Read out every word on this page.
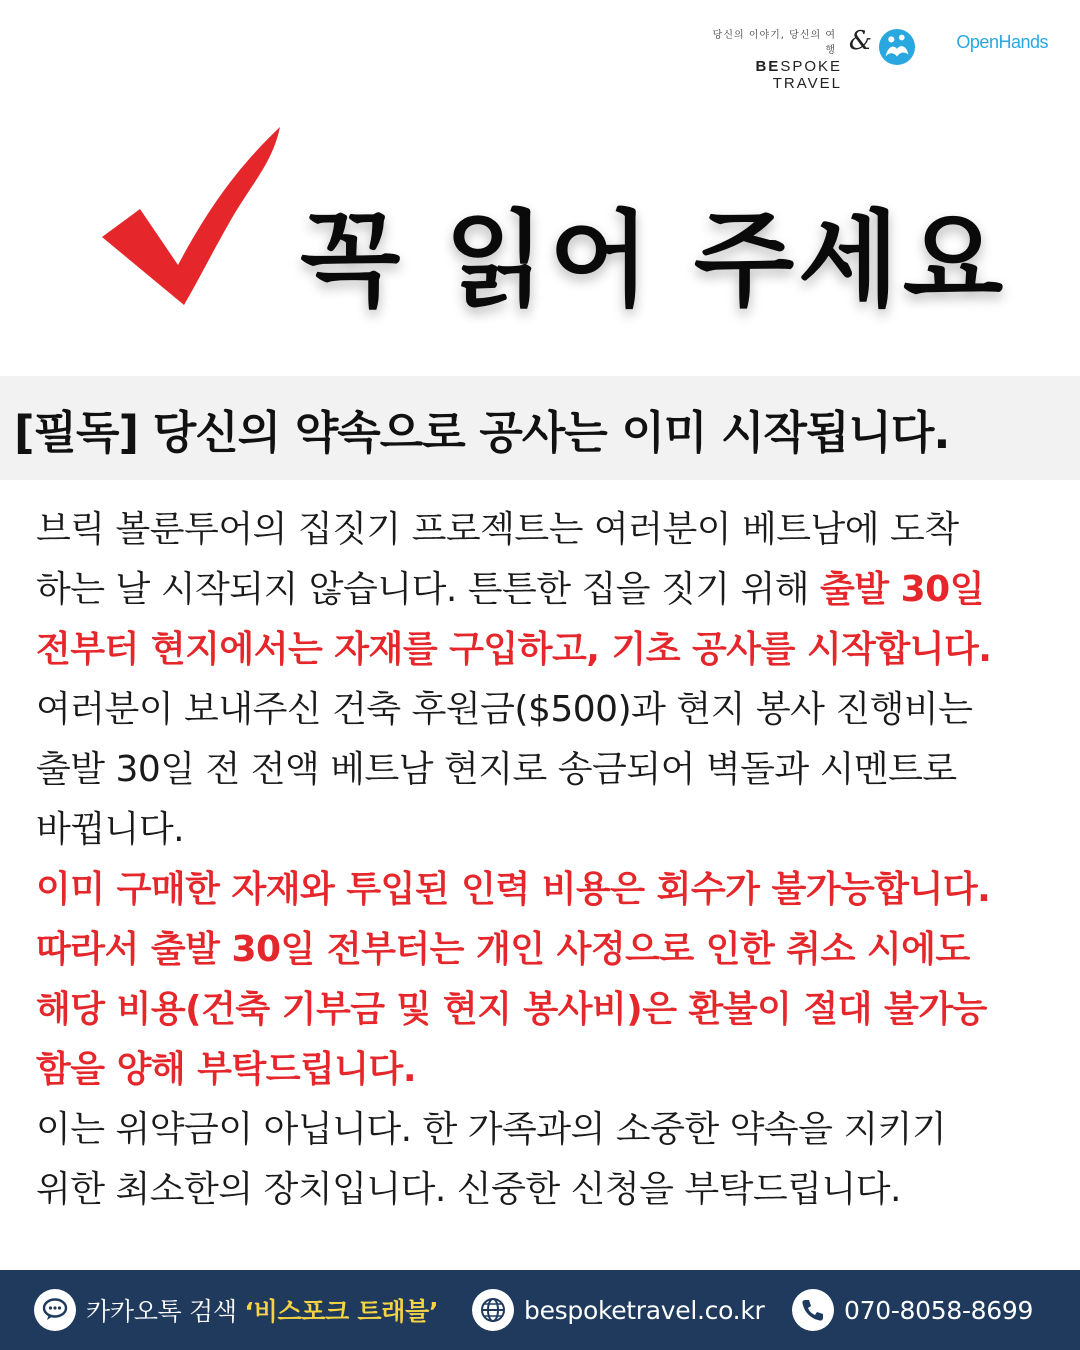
당신의 이야기, 당신의 여행
BESPOKE TRAVEL
&	OpenHands
꼭 읽어 주세요
[필독] 당신의 약속으로 공사는 이미 시작됩니다.
브릭 볼룬투어의 집짓기 프로젝트는 여러분이 베트남에 도착
하는 날 시작되지 않습니다. 튼튼한 집을 짓기 위해 출발 30일
전부터 현지에서는 자재를 구입하고, 기초 공사를 시작합니다.
여러분이 보내주신 건축 후원금($500)과 현지 봉사 진행비는
출발 30일 전 전액 베트남 현지로 송금되어 벽돌과 시멘트로
바뀝니다.
이미 구매한 자재와 투입된 인력 비용은 회수가 불가능합니다.
따라서 출발 30일 전부터는 개인 사정으로 인한 취소 시에도
해당 비용(건축 기부금 및 현지 봉사비)은 환불이 절대 불가능
함을 양해 부탁드립니다.
이는 위약금이 아닙니다. 한 가족과의 소중한 약속을 지키기
위한 최소한의 장치입니다. 신중한 신청을 부탁드립니다.
카카오톡 검색 ‘비스포크 트래블’	bespoketravel.co.kr	070-8058-8699
